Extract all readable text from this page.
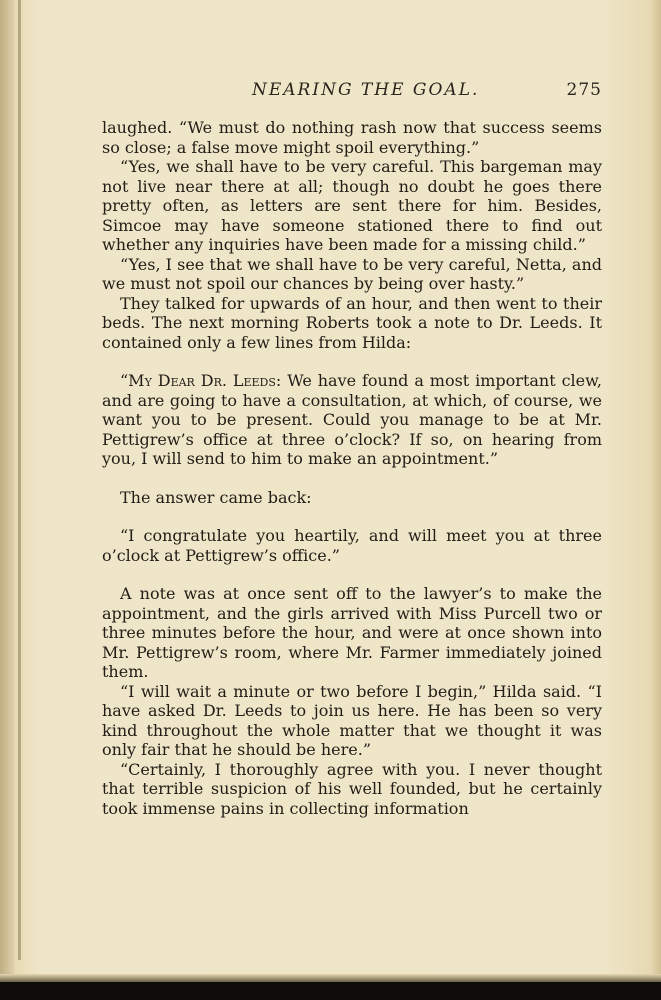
NEARING THE GOAL.	275

laughed. “We must do nothing rash now that success seems so close; a false move might spoil everything.”

“Yes, we shall have to be very careful. This bargeman may not live near there at all; though no doubt he goes there pretty often, as letters are sent there for him. Besides, Simcoe may have someone stationed there to find out whether any inquiries have been made for a missing child.”

“Yes, I see that we shall have to be very careful, Netta, and we must not spoil our chances by being over hasty.”

They talked for upwards of an hour, and then went to their beds. The next morning Roberts took a note to Dr. Leeds. It contained only a few lines from Hilda:

“My Dear Dr. Leeds: We have found a most important clew, and are going to have a consultation, at which, of course, we want you to be present. Could you manage to be at Mr. Pettigrew’s office at three o’clock? If so, on hearing from you, I will send to him to make an appointment.”

The answer came back:

“I congratulate you heartily, and will meet you at three o’clock at Pettigrew’s office.”

A note was at once sent off to the lawyer’s to make the appointment, and the girls arrived with Miss Purcell two or three minutes before the hour, and were at once shown into Mr. Pettigrew’s room, where Mr. Farmer immediately joined them.

“I will wait a minute or two before I begin,” Hilda said. “I have asked Dr. Leeds to join us here. He has been so very kind throughout the whole matter that we thought it was only fair that he should be here.”

“Certainly, I thoroughly agree with you. I never thought that terrible suspicion of his well founded, but he certainly took immense pains in collecting information
